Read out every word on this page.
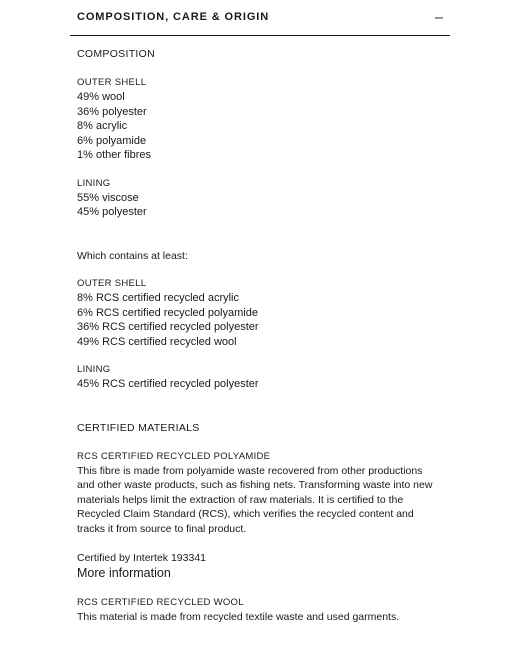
COMPOSITION, CARE & ORIGIN
COMPOSITION
OUTER SHELL
49% wool
36% polyester
8% acrylic
6% polyamide
1% other fibres
LINING
55% viscose
45% polyester
Which contains at least:
OUTER SHELL
8% RCS certified recycled acrylic
6% RCS certified recycled polyamide
36% RCS certified recycled polyester
49% RCS certified recycled wool
LINING
45% RCS certified recycled polyester
CERTIFIED MATERIALS
RCS CERTIFIED RECYCLED POLYAMIDE
This fibre is made from polyamide waste recovered from other productions
and other waste products, such as fishing nets. Transforming waste into new
materials helps limit the extraction of raw materials. It is certified to the
Recycled Claim Standard (RCS), which verifies the recycled content and
tracks it from source to final product.
Certified by Intertek 193341
More information
RCS CERTIFIED RECYCLED WOOL
This material is made from recycled textile waste and used garments.
